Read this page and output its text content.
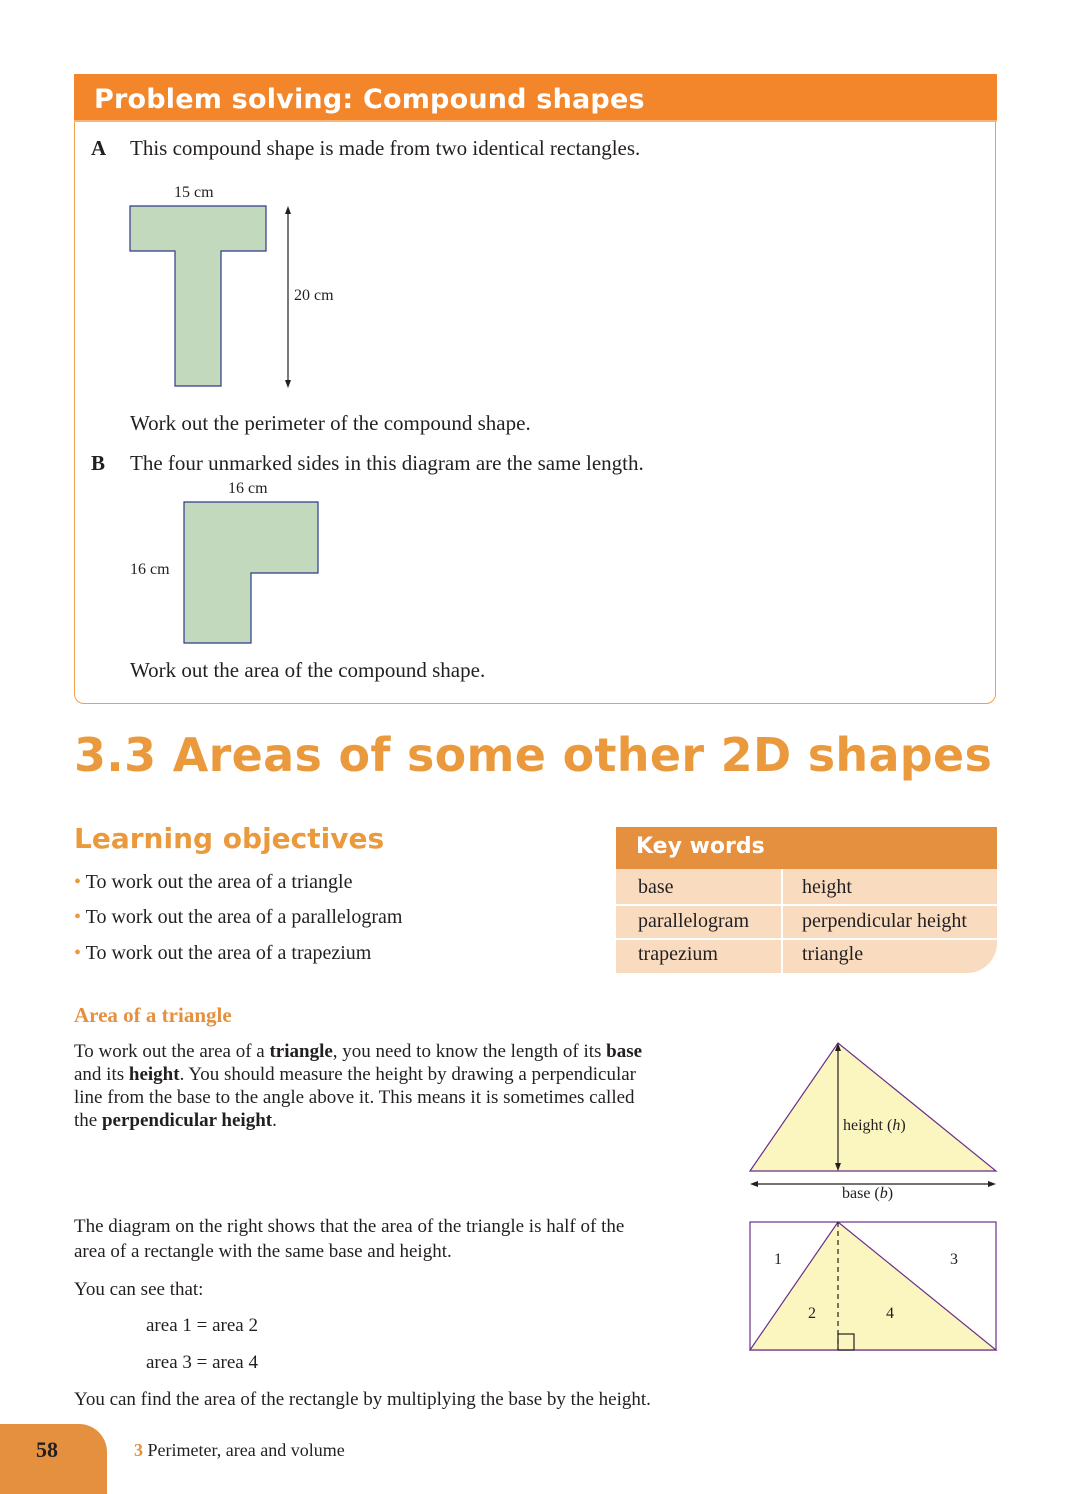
Problem solving: Compound shapes
A This compound shape is made from two identical rectangles.
15 cm
20 cm
Work out the perimeter of the compound shape.
B The four unmarked sides in this diagram are the same length.
16 cm
16 cm
Work out the area of the compound shape.
3.3 Areas of some other 2D shapes
Learning objectives
• To work out the area of a triangle
• To work out the area of a parallelogram
• To work out the area of a trapezium
Key words
base	height
parallelogram	perpendicular height
trapezium	triangle
Area of a triangle
To work out the area of a triangle, you need to know the length of its base
and its height. You should measure the height by drawing a perpendicular
line from the base to the angle above it. This means it is sometimes called
the perpendicular height.	height (h)
base (b)
The diagram on the right shows that the area of the triangle is half of the
area of a rectangle with the same base and height.
You can see that:
area 1 = area 2
area 3 = area 4
1
2
3
4
You can find the area of the rectangle by multiplying the base by the height.
58	3 Perimeter, area and volume
